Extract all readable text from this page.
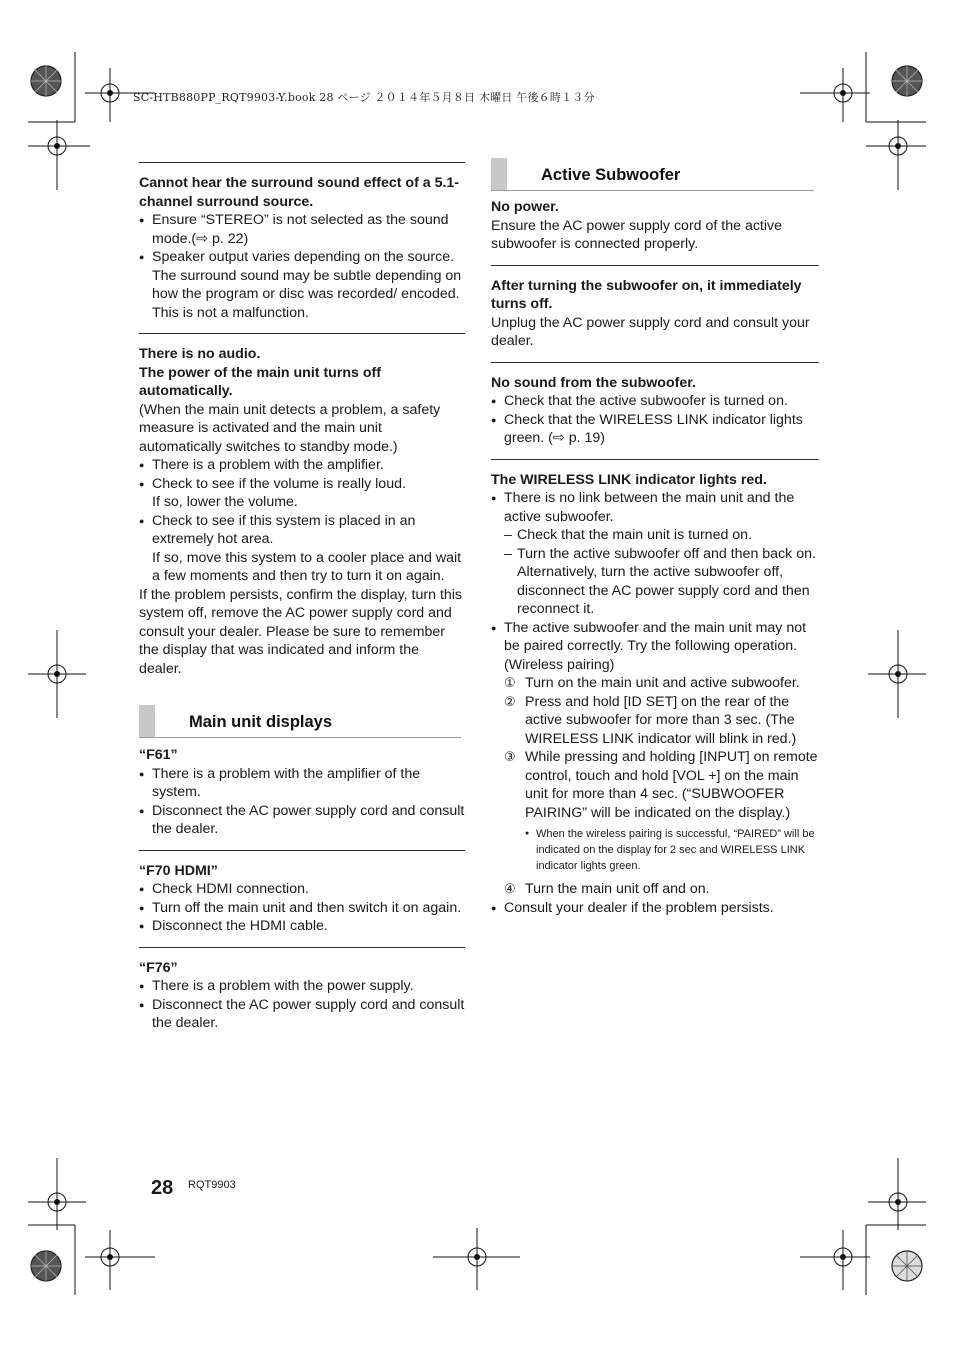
SC-HTB880PP_RQT9903-Y.book 28 ページ ２０１４年５月８日 木曜日 午後６時１３分
Cannot hear the surround sound effect of a 5.1-channel surround source.
● Ensure “STEREO” is not selected as the sound mode.(⇨ p. 22)
● Speaker output varies depending on the source. The surround sound may be subtle depending on how the program or disc was recorded/ encoded. This is not a malfunction.
There is no audio.
The power of the main unit turns off automatically.
(When the main unit detects a problem, a safety measure is activated and the main unit automatically switches to standby mode.)
● There is a problem with the amplifier.
● Check to see if the volume is really loud.
If so, lower the volume.
● Check to see if this system is placed in an extremely hot area.
If so, move this system to a cooler place and wait a few moments and then try to turn it on again.
If the problem persists, confirm the display, turn this system off, remove the AC power supply cord and consult your dealer. Please be sure to remember the display that was indicated and inform the dealer.
Main unit displays
“F61”
● There is a problem with the amplifier of the system.
● Disconnect the AC power supply cord and consult the dealer.
“F70 HDMI”
● Check HDMI connection.
● Turn off the main unit and then switch it on again.
● Disconnect the HDMI cable.
“F76”
● There is a problem with the power supply.
● Disconnect the AC power supply cord and consult the dealer.
Active Subwoofer
No power.
Ensure the AC power supply cord of the active subwoofer is connected properly.
After turning the subwoofer on, it immediately turns off.
Unplug the AC power supply cord and consult your dealer.
No sound from the subwoofer.
● Check that the active subwoofer is turned on.
● Check that the WIRELESS LINK indicator lights green. (⇨ p. 19)
The WIRELESS LINK indicator lights red.
● There is no link between the main unit and the active subwoofer.
– Check that the main unit is turned on.
– Turn the active subwoofer off and then back on. Alternatively, turn the active subwoofer off, disconnect the AC power supply cord and then reconnect it.
● The active subwoofer and the main unit may not be paired correctly. Try the following operation. (Wireless pairing)
① Turn on the main unit and active subwoofer.
② Press and hold [ID SET] on the rear of the active subwoofer for more than 3 sec. (The WIRELESS LINK indicator will blink in red.)
③ While pressing and holding [INPUT] on remote control, touch and hold [VOL +] on the main unit for more than 4 sec. (“SUBWOOFER PAIRING” will be indicated on the display.)
● When the wireless pairing is successful, “PAIRED” will be indicated on the display for 2 sec and WIRELESS LINK indicator lights green.
④ Turn the main unit off and on.
● Consult your dealer if the problem persists.
28 RQT9903
